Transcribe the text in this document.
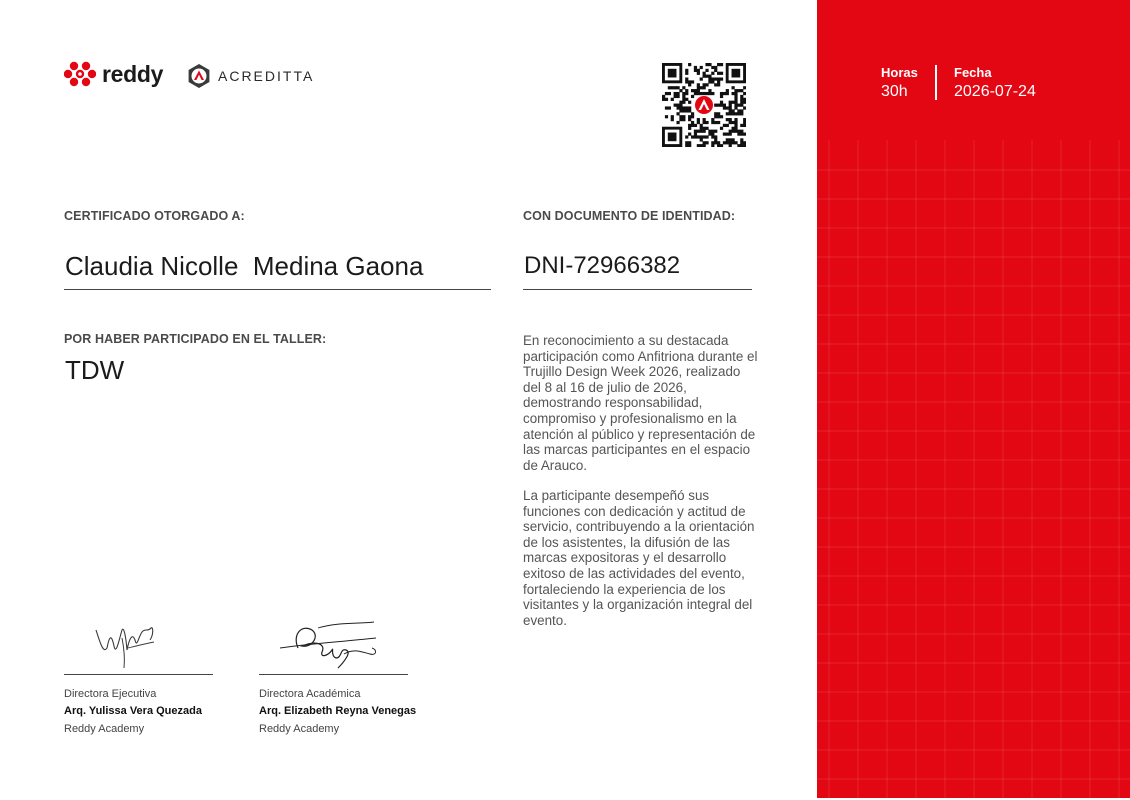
reddy	ACREDITTA
CERTIFICADO OTORGADO A:	CON DOCUMENTO DE IDENTIDAD:
Claudia Nicolle  Medina Gaona	DNI-72966382
POR HABER PARTICIPADO EN EL TALLER:
TDW

En reconocimiento a su destacada participación como Anfitriona durante el Trujillo Design Week 2026, realizado del 8 al 16 de julio de 2026, demostrando responsabilidad, compromiso y profesionalismo en la atención al público y representación de las marcas participantes en el espacio de Arauco.

La participante desempeñó sus funciones con dedicación y actitud de servicio, contribuyendo a la orientación de los asistentes, la difusión de las marcas expositoras y el desarrollo exitoso de las actividades del evento, fortaleciendo la experiencia de los visitantes y la organización integral del evento.

Directora Ejecutiva
Arq. Yulissa Vera Quezada
Reddy Academy
Directora Académica
Arq. Elizabeth Reyna Venegas
Reddy Academy
Horas
30h
Fecha
2026-07-24
